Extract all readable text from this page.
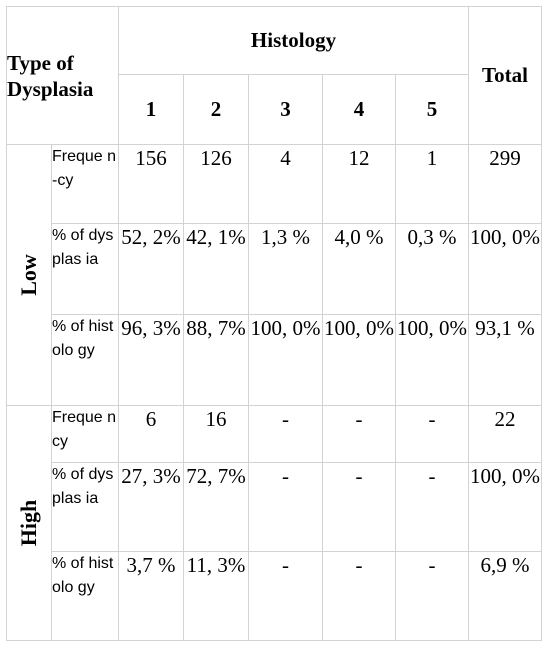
Type of Dysplasia		Histology					Total
		1	2	3	4	5	

Low	Freque n-cy	156	126	4	12	1	299
	% of dysplas ia	52, 2%	42, 1%	1,3 %	4,0 %	0,3 %	100, 0%
	% of histolo gy	96, 3%	88, 7%	100, 0%	100, 0%	100, 0%	93,1 %

High	Freque ncy	6	16	-	-	-	22
	% of dysplas ia	27, 3%	72, 7%	-	-	-	100, 0%
	% of histolo gy	3,7 %	11, 3%	-	-	-	6,9 %
